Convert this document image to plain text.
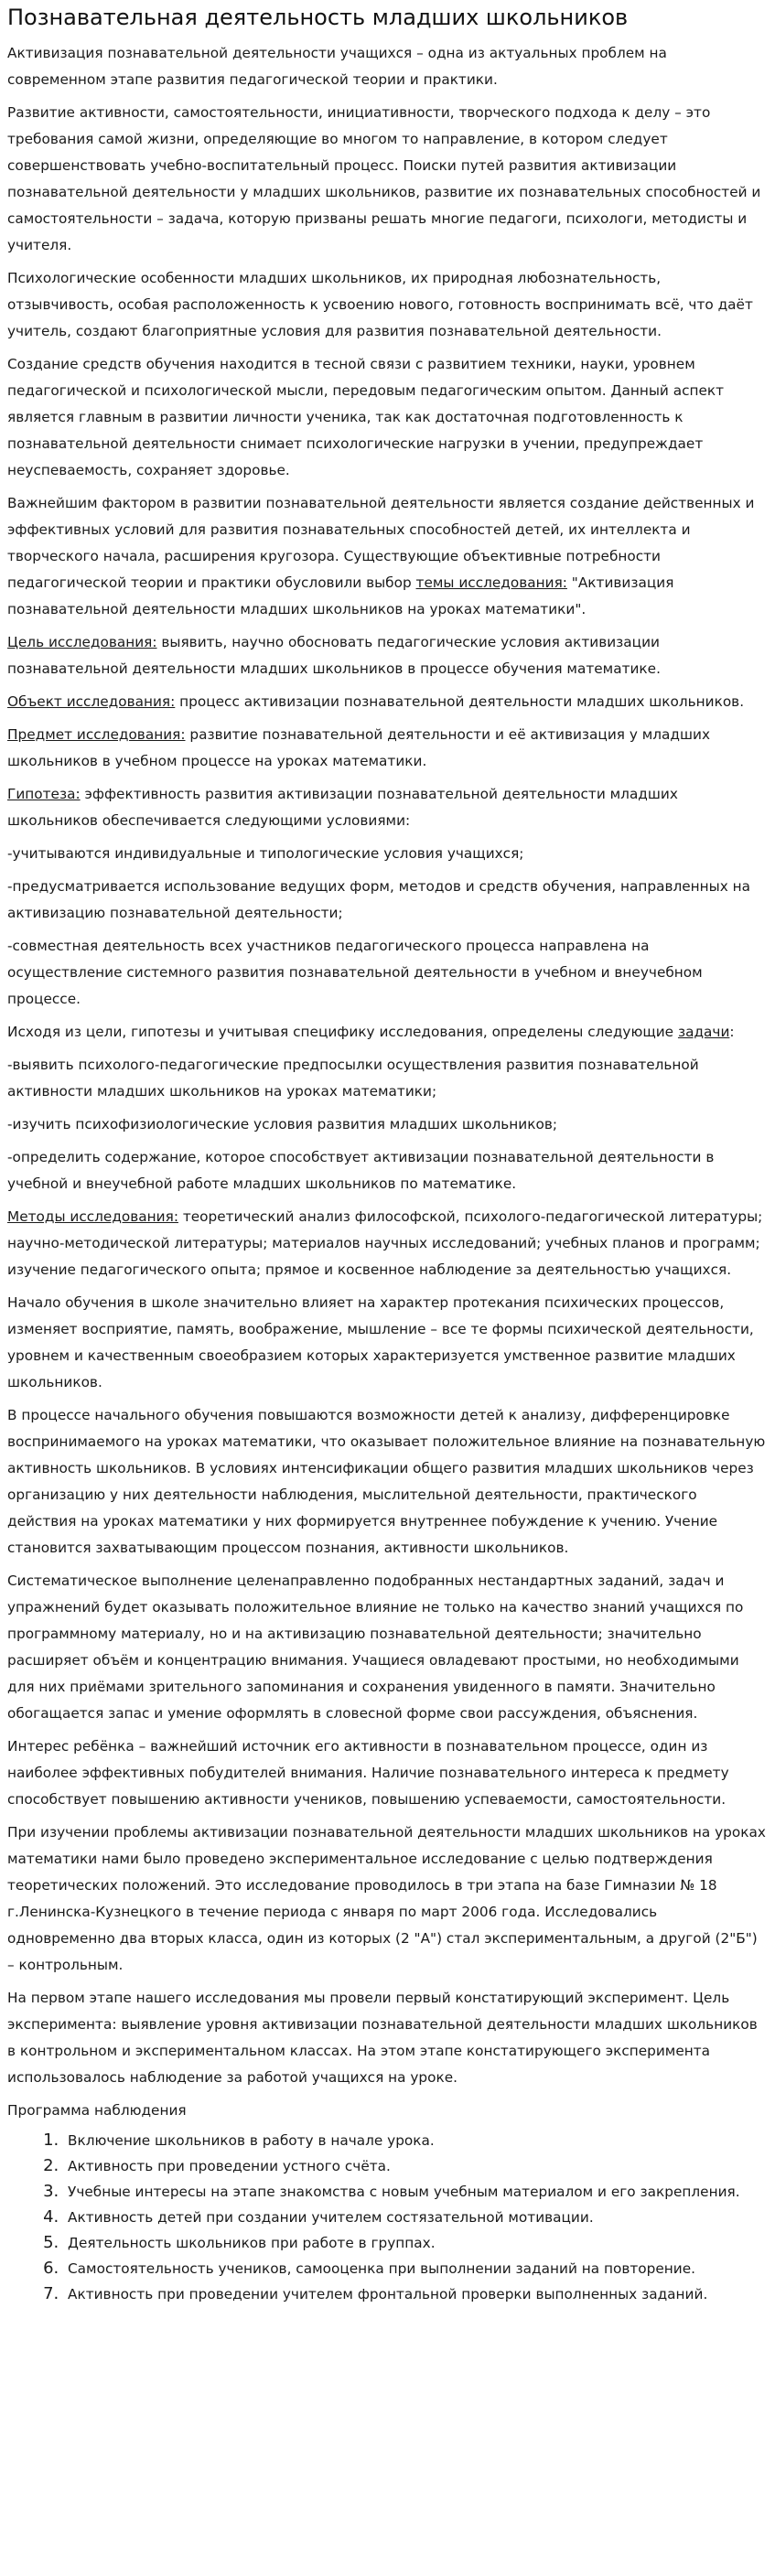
Познавательная деятельность младших школьников

Активизация познавательной деятельности учащихся – одна из актуальных проблем на современном этапе развития педагогической теории и практики.

Развитие активности, самостоятельности, инициативности, творческого подхода к делу – это требования самой жизни, определяющие во многом то направление, в котором следует совершенствовать учебно-воспитательный процесс. Поиски путей развития активизации познавательной деятельности у младших школьников, развитие их познавательных способностей и самостоятельности – задача, которую призваны решать многие педагоги, психологи, методисты и учителя.

Психологические особенности младших школьников, их природная любознательность, отзывчивость, особая расположенность к усвоению нового, готовность воспринимать всё, что даёт учитель, создают благоприятные условия для развития познавательной деятельности.

Создание средств обучения находится в тесной связи с развитием техники, науки, уровнем педагогической и психологической мысли, передовым педагогическим опытом. Данный аспект является главным в развитии личности ученика, так как достаточная подготовленность к познавательной деятельности снимает психологические нагрузки в учении, предупреждает неуспеваемость, сохраняет здоровье.

Важнейшим фактором в развитии познавательной деятельности является создание действенных и эффективных условий для развития познавательных способностей детей, их интеллекта и творческого начала, расширения кругозора. Существующие объективные потребности педагогической теории и практики обусловили выбор темы исследования: "Активизация познавательной деятельности младших школьников на уроках математики".

Цель исследования: выявить, научно обосновать педагогические условия активизации познавательной деятельности младших школьников в процессе обучения математике.

Объект исследования: процесс активизации познавательной деятельности младших школьников.

Предмет исследования: развитие познавательной деятельности и её активизация у младших школьников в учебном процессе на уроках математики.

Гипотеза: эффективность развития активизации познавательной деятельности младших школьников обеспечивается следующими условиями:

-учитываются индивидуальные и типологические условия учащихся;

-предусматривается использование ведущих форм, методов и средств обучения, направленных на активизацию познавательной деятельности;

-совместная деятельность всех участников педагогического процесса направлена на осуществление системного развития познавательной деятельности в учебном и внеучебном процессе.

Исходя из цели, гипотезы и учитывая специфику исследования, определены следующие задачи:

-выявить психолого-педагогические предпосылки осуществления развития познавательной активности младших школьников на уроках математики;

-изучить психофизиологические условия развития младших школьников;

-определить содержание, которое способствует активизации познавательной деятельности в учебной и внеучебной работе младших школьников по математике.

Методы исследования: теоретический анализ философской, психолого-педагогической литературы; научно-методической литературы; материалов научных исследований; учебных планов и программ; изучение педагогического опыта; прямое и косвенное наблюдение за деятельностью учащихся.

Начало обучения в школе значительно влияет на характер протекания психических процессов, изменяет восприятие, память, воображение, мышление – все те формы психической деятельности, уровнем и качественным своеобразием которых характеризуется умственное развитие младших школьников.

В процессе начального обучения повышаются возможности детей к анализу, дифференцировке воспринимаемого на уроках математики, что оказывает положительное влияние на познавательную активность школьников. В условиях интенсификации общего развития младших школьников через организацию у них деятельности наблюдения, мыслительной деятельности, практического действия на уроках математики у них формируется внутреннее побуждение к учению. Учение становится захватывающим процессом познания, активности школьников.

Систематическое выполнение целенаправленно подобранных нестандартных заданий, задач и упражнений будет оказывать положительное влияние не только на качество знаний учащихся по программному материалу, но и на активизацию познавательной деятельности; значительно расширяет объём и концентрацию внимания. Учащиеся овладевают простыми, но необходимыми для них приёмами зрительного запоминания и сохранения увиденного в памяти. Значительно обогащается запас и умение оформлять в словесной форме свои рассуждения, объяснения.

Интерес ребёнка – важнейший источник его активности в познавательном процессе, один из наиболее эффективных побудителей внимания. Наличие познавательного интереса к предмету способствует повышению активности учеников, повышению успеваемости, самостоятельности.

При изучении проблемы активизации познавательной деятельности младших школьников на уроках математики нами было проведено экспериментальное исследование с целью подтверждения теоретических положений. Это исследование проводилось в три этапа на базе Гимназии № 18 г.Ленинска-Кузнецкого в течение периода с января по март 2006 года. Исследовались одновременно два вторых класса, один из которых (2 "А") стал экспериментальным, а другой (2"Б") – контрольным.

На первом этапе нашего исследования мы провели первый констатирующий эксперимент. Цель эксперимента: выявление уровня активизации познавательной деятельности младших школьников в контрольном и экспериментальном классах. На этом этапе констатирующего эксперимента использовалось наблюдение за работой учащихся на уроке.

Программа наблюдения

1. Включение школьников в работу в начале урока.
2. Активность при проведении устного счёта.
3. Учебные интересы на этапе знакомства с новым учебным материалом и его закрепления.
4. Активность детей при создании учителем состязательной мотивации.
5. Деятельность школьников при работе в группах.
6. Самостоятельность учеников, самооценка при выполнении заданий на повторение.
7. Активность при проведении учителем фронтальной проверки выполненных заданий.
